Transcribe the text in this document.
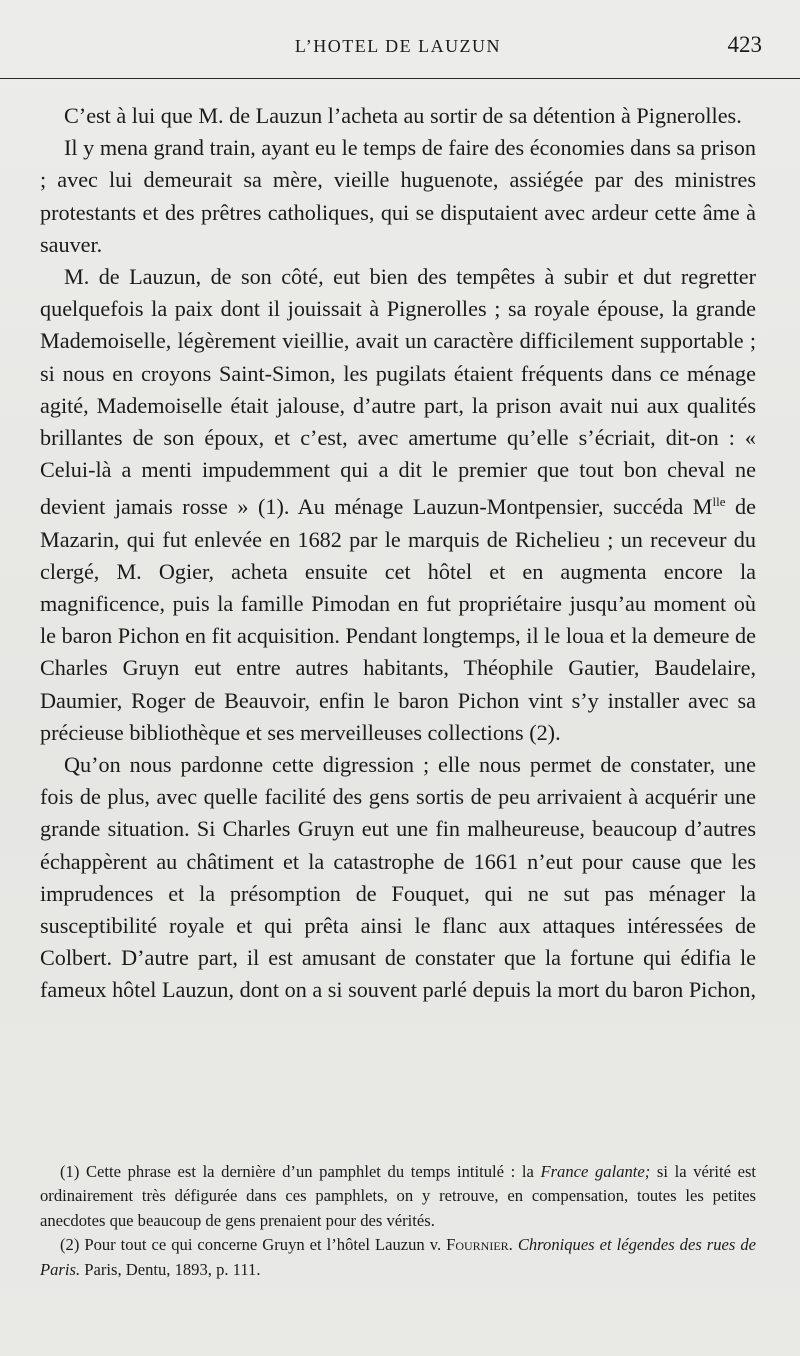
L’HOTEL DE LAUZUN	423

C’est à lui que M. de Lauzun l’acheta au sortir de sa détention à Pignerolles.

Il y mena grand train, ayant eu le temps de faire des économies dans sa prison ; avec lui demeurait sa mère, vieille huguenote, assiégée par des ministres protestants et des prêtres catholiques, qui se disputaient avec ardeur cette âme à sauver.

M. de Lauzun, de son côté, eut bien des tempêtes à subir et dut regretter quelquefois la paix dont il jouissait à Pignerolles ; sa royale épouse, la grande Mademoiselle, légèrement vieillie, avait un caractère difficilement supportable ; si nous en croyons Saint-Simon, les pugilats étaient fréquents dans ce ménage agité, Mademoiselle était jalouse, d’autre part, la prison avait nui aux qualités brillantes de son époux, et c’est, avec amertume qu’elle s’écriait, dit-on : « Celui-là a menti impudemment qui a dit le premier que tout bon cheval ne devient jamais rosse » (1). Au ménage Lauzun-Montpensier, succéda $M^{lle}$ de Mazarin, qui fut enlevée en 1682 par le marquis de Richelieu ; un receveur du clergé, M. Ogier, acheta ensuite cet hôtel et en augmenta encore la magnificence, puis la famille Pimodan en fut propriétaire jusqu’au moment où le baron Pichon en fit acquisition. Pendant longtemps, il le loua et la demeure de Charles Gruyn eut entre autres habitants, Théophile Gautier, Baudelaire, Daumier, Roger de Beauvoir, enfin le baron Pichon vint s’y installer avec sa précieuse bibliothèque et ses merveilleuses collections (2).

Qu’on nous pardonne cette digression ; elle nous permet de constater, une fois de plus, avec quelle facilité des gens sortis de peu arrivaient à acquérir une grande situation. Si Charles Gruyn eut une fin malheureuse, beaucoup d’autres échappèrent au châtiment et la catastrophe de 1661 n’eut pour cause que les imprudences et la présomption de Fouquet, qui ne sut pas ménager la susceptibilité royale et qui prêta ainsi le flanc aux attaques intéressées de Colbert. D’autre part, il est amusant de constater que la fortune qui édifia le fameux hôtel Lauzun, dont on a si souvent parlé depuis la mort du baron Pichon,

(1) Cette phrase est la dernière d’un pamphlet du temps intitulé : la France galante; si la vérité est ordinairement très défigurée dans ces pamphlets, on y retrouve, en compensation, toutes les petites anecdotes que beaucoup de gens prenaient pour des vérités.

(2) Pour tout ce qui concerne Gruyn et l’hôtel Lauzun v. Fournier. Chroniques et légendes des rues de Paris. Paris, Dentu, 1893, p. 111.
